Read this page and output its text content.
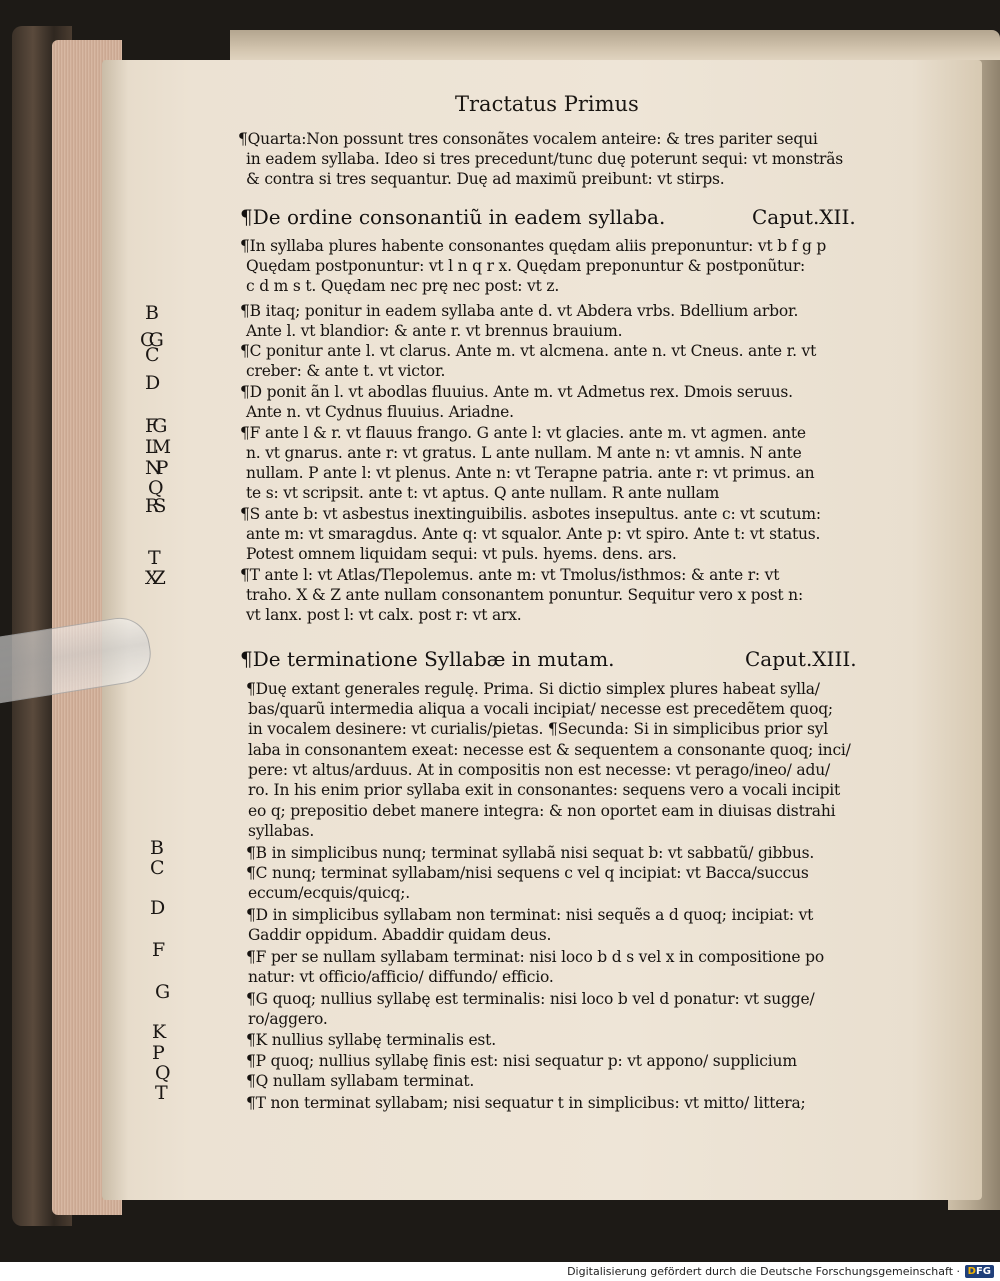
Tractatus Primus
¶Quarta:Non possunt tres consonãtes vocalem anteire: & tres pariter sequi
in eadem syllaba. Ideo si tres precedunt/tunc duę poterunt sequi: vt monstrãs
& contra si tres sequantur. Duę ad maximũ preibunt: vt stirps.
¶De ordine consonantiũ in eadem syllaba.	Caput.XII.
¶In syllaba plures habente consonantes quędam aliis preponuntur: vt b f g p
Quędam postponuntur: vt l n q r x. Quędam preponuntur & postponũtur:
c d m s t. Quędam nec prę nec post: vt z.
¶B itaq; ponitur in eadem syllaba ante d. vt Abdera vrbs. Bdellium arbor.
Ante l. vt blandior: & ante r. vt brennus brauium.
¶C ponitur ante l. vt clarus. Ante m. vt alcmena. ante n. vt Cneus. ante r. vt
creber: & ante t. vt victor.
¶D ponit ãn l. vt abodlas fluuius. Ante m. vt Admetus rex. Dmois seruus.
Ante n. vt Cydnus fluuius. Ariadne.
¶F ante l & r. vt flauus frango. G ante l: vt glacies. ante m. vt agmen. ante
n. vt gnarus. ante r: vt gratus. L ante nullam. M ante n: vt amnis. N ante
nullam. P ante l: vt plenus. Ante n: vt Terapne patria. ante r: vt primus. an
te s: vt scripsit. ante t: vt aptus. Q ante nullam. R ante nullam
¶S ante b: vt asbestus inextinguibilis. asbotes insepultus. ante c: vt scutum:
ante m: vt smaragdus. Ante q: vt squalor. Ante p: vt spiro. Ante t: vt status.
Potest omnem liquidam sequi: vt puls. hyems. dens. ars.
¶T ante l: vt Atlas/Tlepolemus. ante m: vt Tmolus/isthmos: & ante r: vt
traho. X & Z ante nullam consonantem ponuntur. Sequitur vero x post n:
vt lanx. post l: vt calx. post r: vt arx.
¶De terminatione Syllabæ in mutam.	Caput.XIII.
¶Duę extant generales regulę. Prima. Si dictio simplex plures habeat sylla/
bas/quarũ intermedia aliqua a vocali incipiat/ necesse est precedẽtem quoq;
in vocalem desinere: vt curialis/pietas. ¶Secunda: Si in simplicibus prior syl
laba in consonantem exeat: necesse est & sequentem a consonante quoq; inci/
pere: vt altus/arduus. At in compositis non est necesse: vt perago/ineo/ adu/
ro. In his enim prior syllaba exit in consonantes: sequens vero a vocali incipit
eo q; prepositio debet manere integra: & non oportet eam in diuisas distrahi
syllabas.
¶B in simplicibus nunq; terminat syllabã nisi sequat b: vt sabbatũ/ gibbus.
¶C nunq; terminat syllabam/nisi sequens c vel q incipiat: vt Bacca/succus
eccum/ecquis/quicq;.
¶D in simplicibus syllabam non terminat: nisi sequẽs a d quoq; incipiat: vt
Gaddir oppidum. Abaddir quidam deus.
¶F per se nullam syllabam terminat: nisi loco b d s vel x in compositione po
natur: vt officio/afficio/ diffundo/ efficio.
¶G quoq; nullius syllabę est terminalis: nisi loco b vel d ponatur: vt sugge/
ro/aggero.
¶K nullius syllabę terminalis est.
¶P quoq; nullius syllabę finis est: nisi sequatur p: vt appono/ supplicium
¶Q nullam syllabam terminat.
¶T non terminat syllabam; nisi sequatur t in simplicibus: vt mitto/ littera;
B
C G
C
D
F G
L M
N P
Q
R S
T
X Z
B
C
D
F
G
K
P
Q
T
Digitalisierung gefördert durch die Deutsche Forschungsgemeinschaft · DFG
